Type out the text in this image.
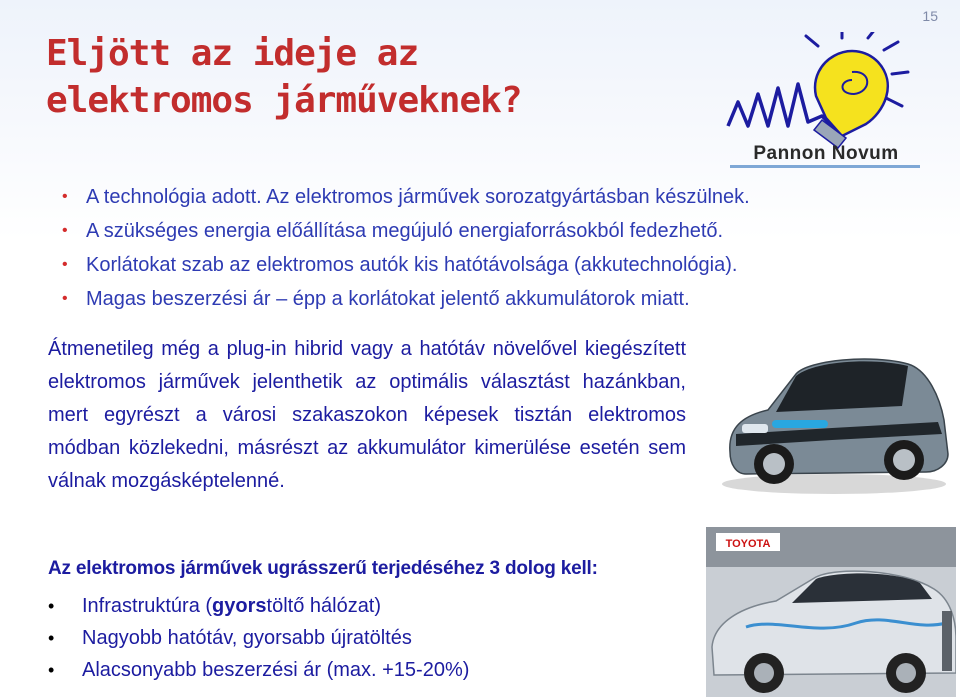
15
Eljött az ideje az
elektromos járműveknek?
Pannon Novum
• A technológia adott. Az elektromos járművek sorozatgyártásban készülnek.
• A szükséges energia előállítása megújuló energiaforrásokból fedezhető.
• Korlátokat szab az elektromos autók kis hatótávolsága (akkutechnológia).
• Magas beszerzési ár – épp a korlátokat jelentő akkumulátorok miatt.

Átmenetileg még a plug-in hibrid vagy a hatótáv növelővel kiegészített elektromos járművek jelenthetik az optimális választást hazánkban, mert egyrészt a városi szakaszokon képesek tisztán elektromos módban közlekedni, másrészt az akkumulátor kimerülése esetén sem válnak mozgásképtelenné.

Az elektromos járművek ugrásszerű terjedéséhez 3 dolog kell:
• Infrastruktúra (gyorstöltő hálózat)
• Nagyobb hatótáv, gyorsabb újratöltés
• Alacsonyabb beszerzési ár (max. +15-20%)
TOYOTA
